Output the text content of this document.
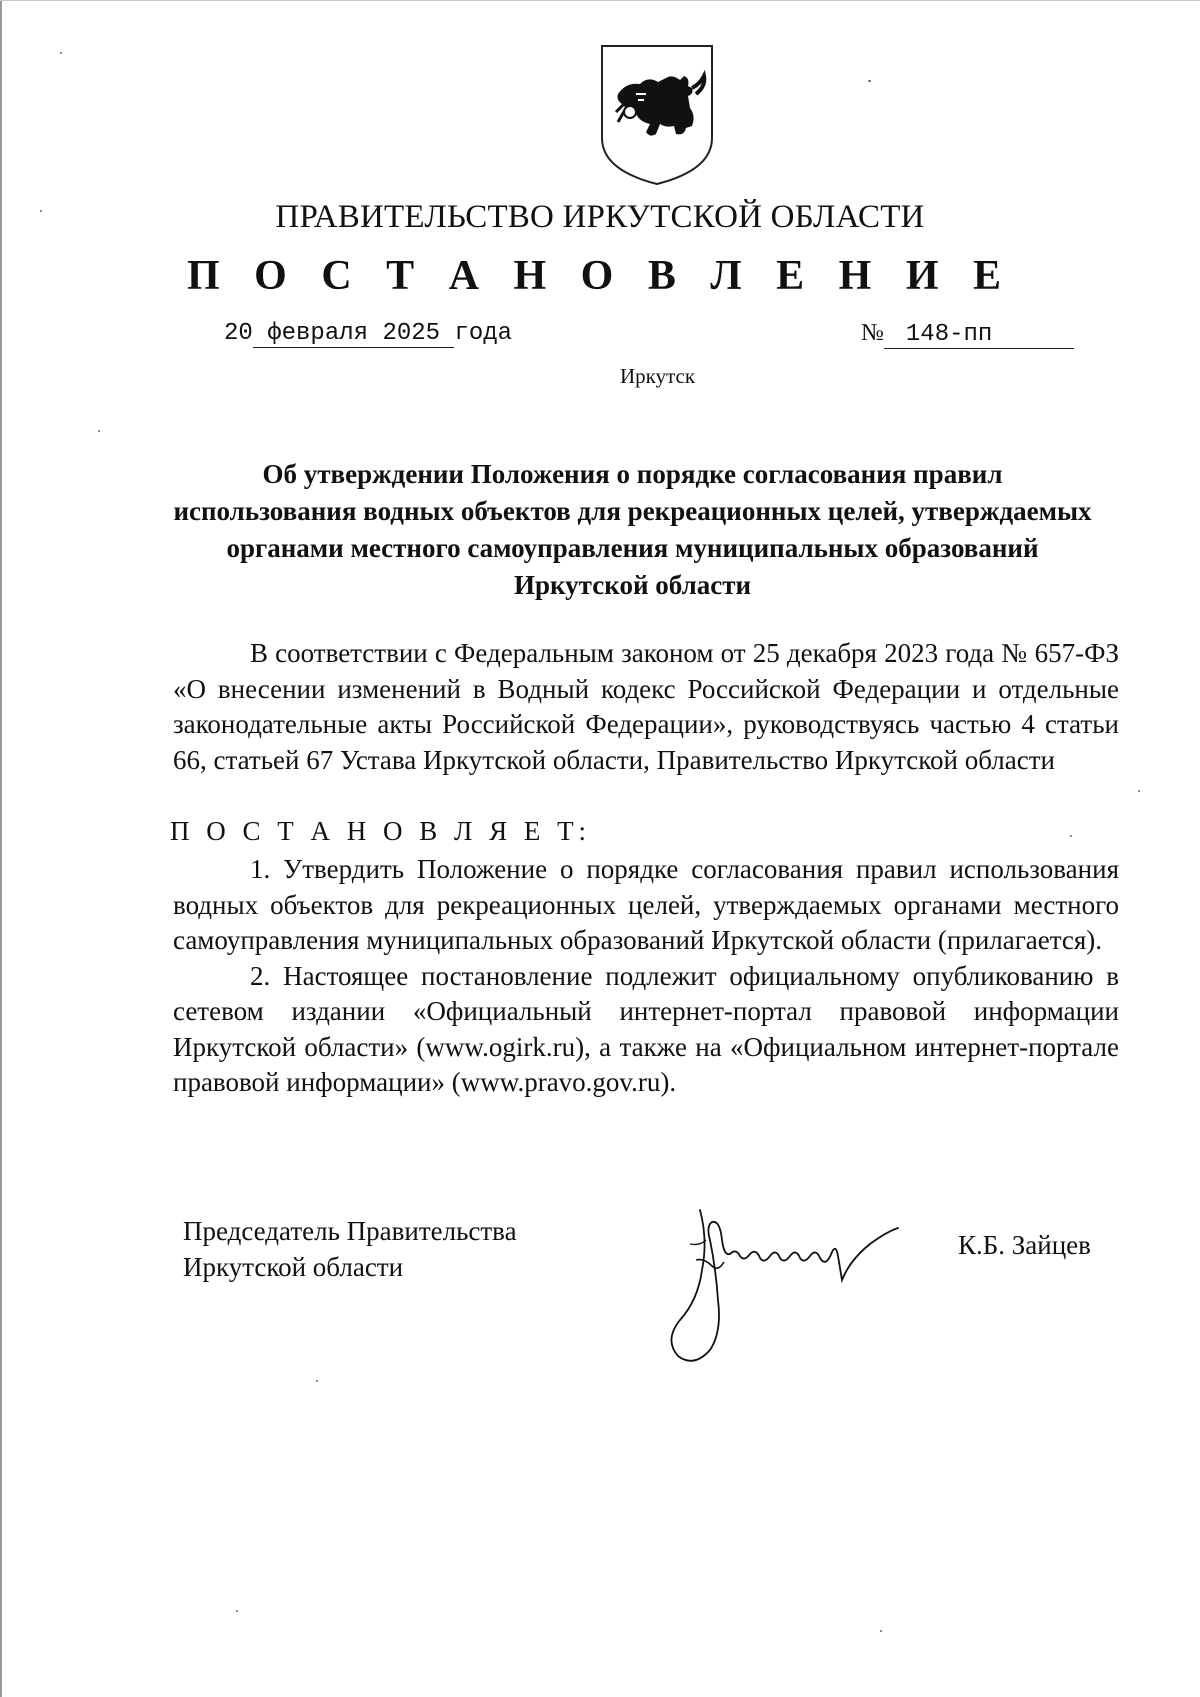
ПРАВИТЕЛЬСТВО ИРКУТСКОЙ ОБЛАСТИ
П О С Т А Н О В Л Е Н И Е
20 февраля 2025 года	№ 148-пп
Иркутск
Об утверждении Положения о порядке согласования правил использования водных объектов для рекреационных целей, утверждаемых органами местного самоуправления муниципальных образований Иркутской области

В соответствии с Федеральным законом от 25 декабря 2023 года № 657-ФЗ «О внесении изменений в Водный кодекс Российской Федерации и отдельные законодательные акты Российской Федерации», руководствуясь частью 4 статьи 66, статьей 67 Устава Иркутской области, Правительство Иркутской области

П О С Т А Н О В Л Я Е Т:

1. Утвердить Положение о порядке согласования правил использования водных объектов для рекреационных целей, утверждаемых органами местного самоуправления муниципальных образований Иркутской области (прилагается).

2. Настоящее постановление подлежит официальному опубликованию в сетевом издании «Официальный интернет-портал правовой информации Иркутской области» (www.ogirk.ru), а также на «Официальном интернет-портале правовой информации» (www.pravo.gov.ru).

Председатель Правительства
Иркутской области
К.Б. Зайцев
